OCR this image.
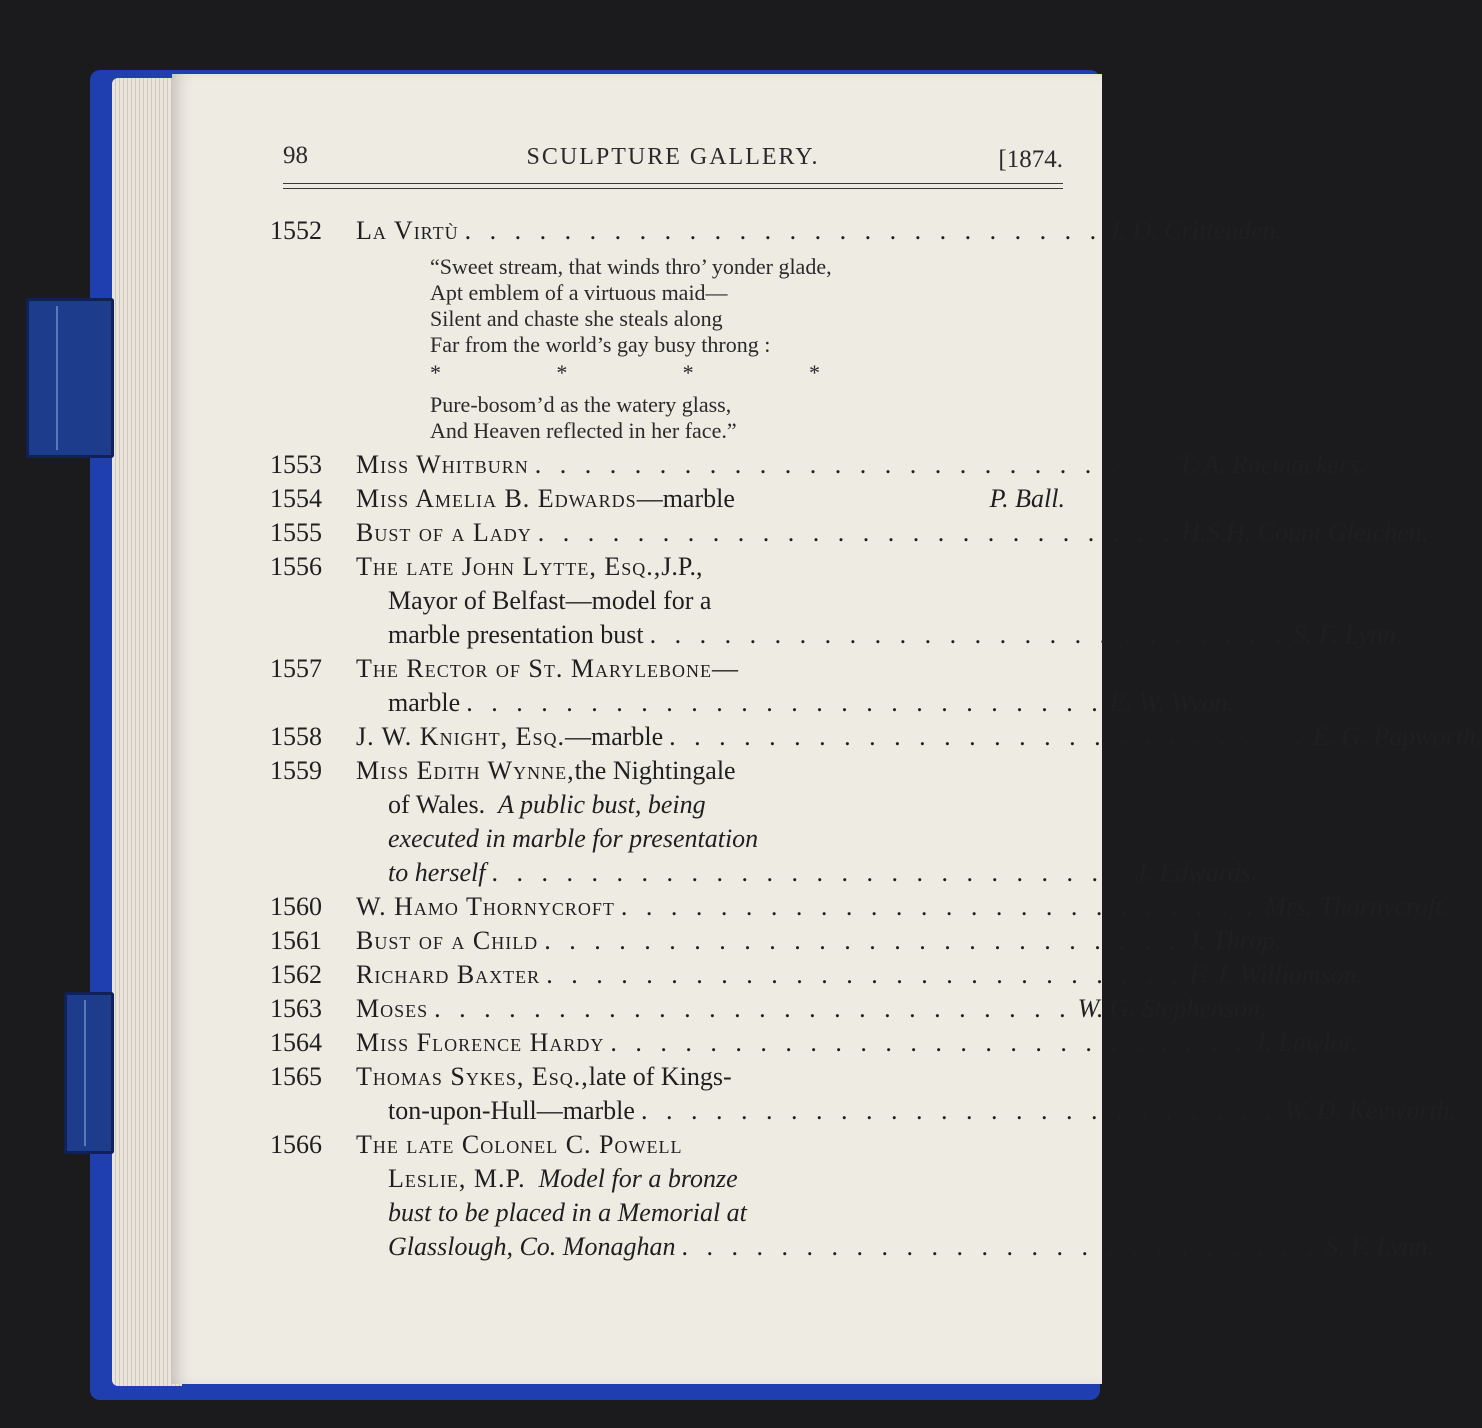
98	SCULPTURE GALLERY.	[1874.
1552	La Virtù . . . . . . . . . . . . . . . . . . . . . . . . . . J. D. Crittenden.
“Sweet stream, that winds thro’ yonder glade,
Apt emblem of a virtuous maid—
Silent and chaste she steals along
Far from the world’s gay busy throng :
*	*	*	*
Pure-bosom’d as the watery glass,
And Heaven reflected in her face.”
1553	Miss Whitburn . . . . . . . . . . . . . . . . . . . . . . . . . . T. A. Raemackers.
1554	Miss Amelia B. Edwards —marble	P. Ball.
1555	Bust of a Lady . . . . . . . . . . . . . . . . . . . . . . . . . . H.S.H. Count Gleichen.
1556	The late John Lytte, Esq., J.P.,
Mayor of Belfast—model for a
marble presentation bust . . . . . . . . . . . . . . . . . . . . . . . . . . S. F. Lynn.
1557	The Rector of St. Marylebone—
marble . . . . . . . . . . . . . . . . . . . . . . . . . . E. W. Wyon.
1558	J. W. Knight, Esq. —marble . . . . . . . . . . . . . . . . . . . . . . . . . . E. G. Papworth.
1559	Miss Edith Wynne, the Nightingale
of Wales.
A public bust, being
executed in marble for presentation
to herself . . . . . . . . . . . . . . . . . . . . . . . . . . J. Edwards.
1560	W. Hamo Thornycroft . . . . . . . . . . . . . . . . . . . . . . . . . . Mrs. Thornycroft.
1561	Bust of a Child . . . . . . . . . . . . . . . . . . . . . . . . . . J. Throp.
1562	Richard Baxter . . . . . . . . . . . . . . . . . . . . . . . . . . F. J. Williamson.
1563	Moses . . . . . . . . . . . . . . . . . . . . . . . . . . W. G. Stephenson.
1564	Miss Florence Hardy . . . . . . . . . . . . . . . . . . . . . . . . . . J. Lawlor.
1565	Thomas Sykes, Esq., late of Kings-
ton-upon-Hull—marble . . . . . . . . . . . . . . . . . . . . . . . . . . W. D. Keyworth.
1566	The late Colonel C. Powell
Leslie, M.P.
Model for a bronze
bust to be placed in a Memorial at
Glasslough, Co. Monaghan . . . . . . . . . . . . . . . . . . . . . . . . . . S. F. Lynn.
